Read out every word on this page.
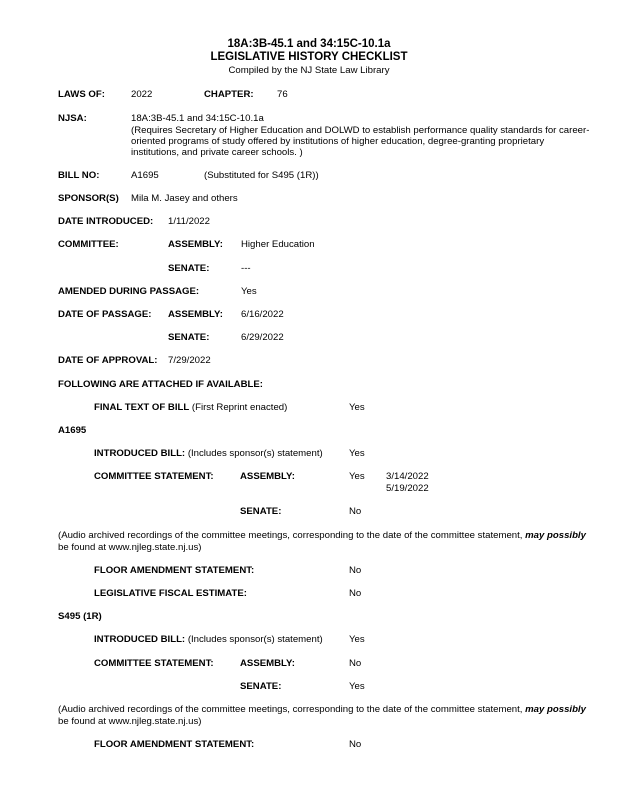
18A:3B-45.1 and 34:15C-10.1a
LEGISLATIVE HISTORY CHECKLIST
Compiled by the NJ State Law Library
LAWS OF:	2022	CHAPTER: 76
NJSA:	18A:3B-45.1 and 34:15C-10.1a
(Requires Secretary of Higher Education and DOLWD to establish performance quality standards for career-
oriented programs of study offered by institutions of higher education, degree-granting proprietary
institutions, and private career schools. )
BILL NO:	A1695	(Substituted for S495 (1R))
SPONSOR(S) Mila M. Jasey and others
DATE INTRODUCED: 1/11/2022
COMMITTEE:	ASSEMBLY: Higher Education
SENATE:	---
AMENDED DURING PASSAGE:	Yes
DATE OF PASSAGE: ASSEMBLY: 6/16/2022
SENATE:	6/29/2022
DATE OF APPROVAL: 7/29/2022
FOLLOWING ARE ATTACHED IF AVAILABLE:
FINAL TEXT OF BILL (First Reprint enacted)	Yes
A1695
INTRODUCED BILL: (Includes sponsor(s) statement)	Yes
COMMITTEE STATEMENT:	ASSEMBLY:	Yes 3/14/2022
5/19/2022
SENATE:	No
(Audio archived recordings of the committee meetings, corresponding to the date of the committee statement, may possibly
be found at www.njleg.state.nj.us)
FLOOR AMENDMENT STATEMENT:	No
LEGISLATIVE FISCAL ESTIMATE:	No
S495 (1R)
INTRODUCED BILL: (Includes sponsor(s) statement)	Yes
COMMITTEE STATEMENT:	ASSEMBLY:	No
SENATE:	Yes
(Audio archived recordings of the committee meetings, corresponding to the date of the committee statement, may possibly
be found at www.njleg.state.nj.us)
FLOOR AMENDMENT STATEMENT:	No
